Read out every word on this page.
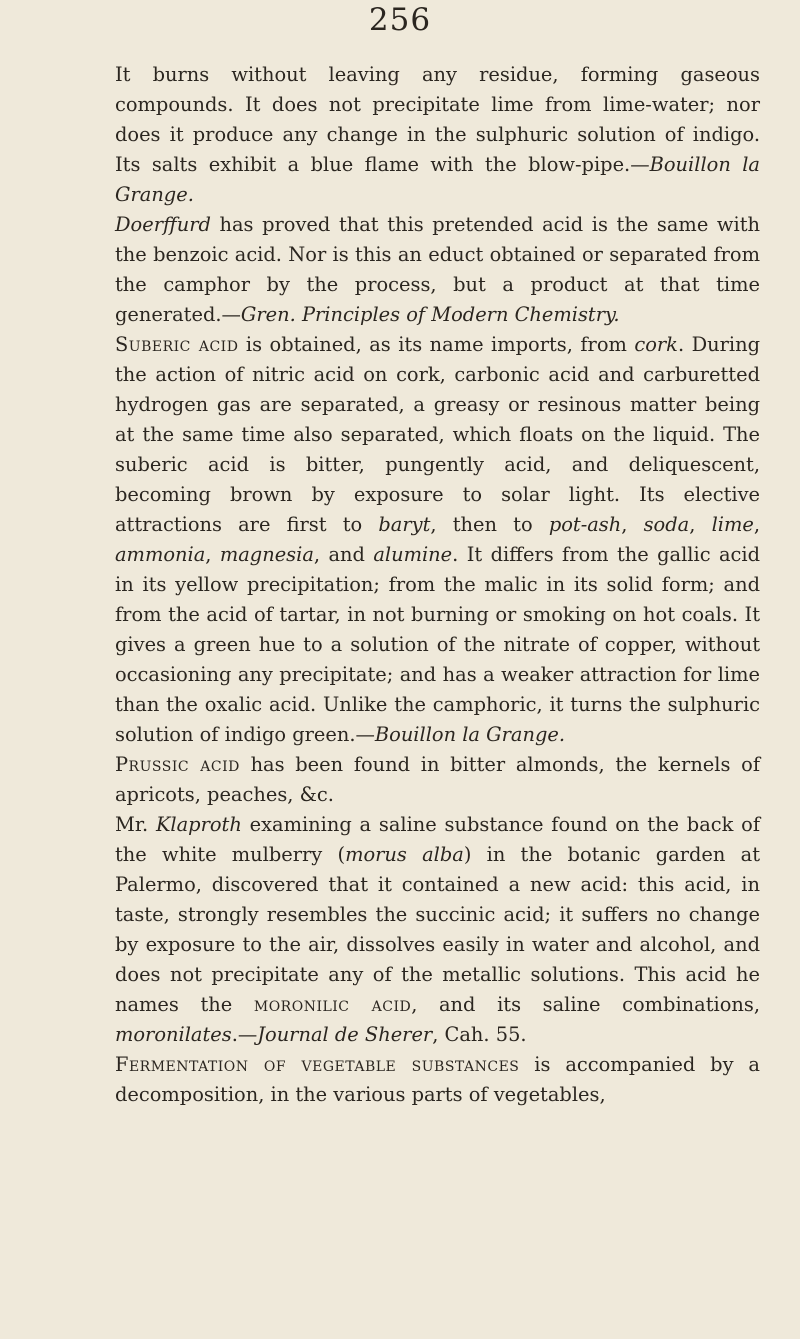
256

It burns without leaving any residue, forming gaseous compounds. It does not precipitate lime from lime-water; nor does it produce any change in the sulphuric solution of indigo. Its salts exhibit a blue flame with the blow-pipe.—Bouillon la Grange.

Doerffurd has proved that this pretended acid is the same with the benzoic acid. Nor is this an educt obtained or separated from the camphor by the process, but a product at that time generated.—Gren. Principles of Modern Chemistry.

Suberic acid is obtained, as its name imports, from cork. During the action of nitric acid on cork, carbonic acid and carburetted hydrogen gas are separated, a greasy or resinous matter being at the same time also separated, which floats on the liquid. The suberic acid is bitter, pungently acid, and deliquescent, becoming brown by exposure to solar light. Its elective attractions are first to baryt, then to pot-ash, soda, lime, ammonia, magnesia, and alumine. It differs from the gallic acid in its yellow precipitation; from the malic in its solid form; and from the acid of tartar, in not burning or smoking on hot coals. It gives a green hue to a solution of the nitrate of copper, without occasioning any precipitate; and has a weaker attraction for lime than the oxalic acid. Unlike the camphoric, it turns the sulphuric solution of indigo green.—Bouillon la Grange.

Prussic acid has been found in bitter almonds, the kernels of apricots, peaches, &c.

Mr. Klaproth examining a saline substance found on the back of the white mulberry (morus alba) in the botanic garden at Palermo, discovered that it contained a new acid: this acid, in taste, strongly resembles the succinic acid; it suffers no change by exposure to the air, dissolves easily in water and alcohol, and does not precipitate any of the metallic solutions. This acid he names the moronilic acid, and its saline combinations, moronilates.—Journal de Sherer, Cah. 55.

Fermentation of vegetable substances is accompanied by a decomposition, in the various parts of vegetables,
